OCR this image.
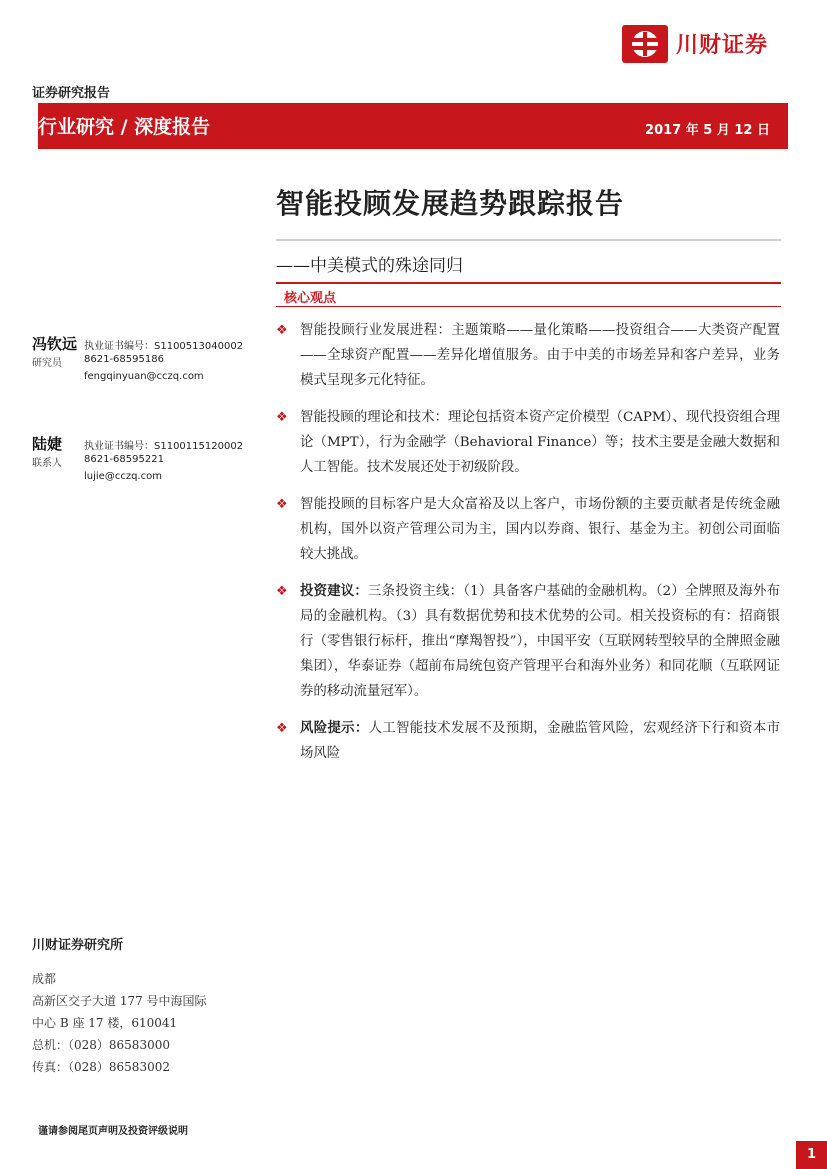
川财证券
证券研究报告
行业研究 / 深度报告	2017 年 5 月 12 日
智能投顾发展趋势跟踪报告
——中美模式的殊途同归
核心观点
冯钦远
研究员
执业证书编号：S1100513040002
8621-68595186
fengqinyuan@cczq.com
陆婕
联系人
执业证书编号：S1100115120002
8621-68595221
lujie@cczq.com
❖ 智能投顾行业发展进程：主题策略——量化策略——投资组合——大类资产配置——全球资产配置——差异化增值服务。由于中美的市场差异和客户差异，业务模式呈现多元化特征。
❖ 智能投顾的理论和技术：理论包括资本资产定价模型（CAPM）、现代投资组合理论（MPT），行为金融学（Behavioral Finance）等；技术主要是金融大数据和人工智能。技术发展还处于初级阶段。
❖ 智能投顾的目标客户是大众富裕及以上客户，市场份额的主要贡献者是传统金融机构，国外以资产管理公司为主，国内以券商、银行、基金为主。初创公司面临较大挑战。
❖ 投资建议：三条投资主线：（1）具备客户基础的金融机构。（2）全牌照及海外布局的金融机构。（3）具有数据优势和技术优势的公司。相关投资标的有：招商银行（零售银行标杆，推出“摩羯智投”），中国平安（互联网转型较早的全牌照金融集团），华泰证券（超前布局统包资产管理平台和海外业务）和同花顺（互联网证券的移动流量冠军）。
❖ 风险提示：人工智能技术发展不及预期，金融监管风险，宏观经济下行和资本市场风险
川财证券研究所
成都
高新区交子大道 177 号中海国际
中心 B 座 17 楼，610041
总机：（028）86583000
传真：（028）86583002
谨请参阅尾页声明及投资评级说明
1
